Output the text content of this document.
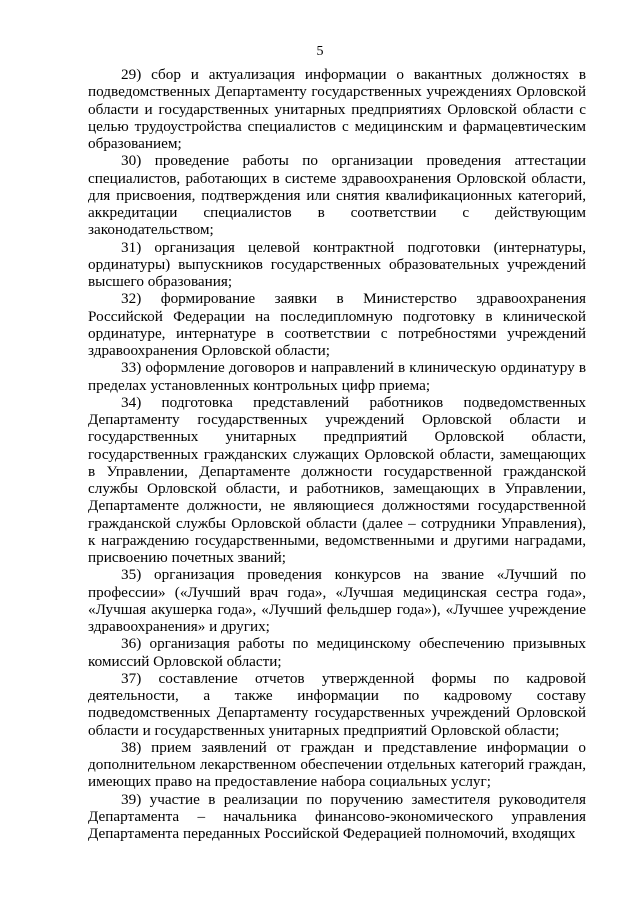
5

29) сбор и актуализация информации о вакантных должностях в подведомственных Департаменту государственных учреждениях Орловской области и государственных унитарных предприятиях Орловской области с целью трудоустройства специалистов с медицинским и фармацевтическим образованием;

30) проведение работы по организации проведения аттестации специалистов, работающих в системе здравоохранения Орловской области, для присвоения, подтверждения или снятия квалификационных категорий, аккредитации специалистов в соответствии с действующим законодательством;

31) организация целевой контрактной подготовки (интернатуры, ординатуры) выпускников государственных образовательных учреждений высшего образования;

32) формирование заявки в Министерство здравоохранения Российской Федерации на последипломную подготовку в клинической ординатуре, интернатуре в соответствии с потребностями учреждений здравоохранения Орловской области;

33) оформление договоров и направлений в клиническую ординатуру в пределах установленных контрольных цифр приема;

34) подготовка представлений работников подведомственных Департаменту государственных учреждений Орловской области и государственных унитарных предприятий Орловской области, государственных гражданских служащих Орловской области, замещающих в Управлении, Департаменте должности государственной гражданской службы Орловской области, и работников, замещающих в Управлении, Департаменте должности, не являющиеся должностями государственной гражданской службы Орловской области (далее – сотрудники Управления), к награждению государственными, ведомственными и другими наградами, присвоению почетных званий;

35) организация проведения конкурсов на звание «Лучший по профессии» («Лучший врач года», «Лучшая медицинская сестра года», «Лучшая акушерка года», «Лучший фельдшер года»), «Лучшее учреждение здравоохранения» и других;

36) организация работы по медицинскому обеспечению призывных комиссий Орловской области;

37) составление отчетов утвержденной формы по кадровой деятельности, а также информации по кадровому составу подведомственных Департаменту государственных учреждений Орловской области и государственных унитарных предприятий Орловской области;

38) прием заявлений от граждан и представление информации о дополнительном лекарственном обеспечении отдельных категорий граждан, имеющих право на предоставление набора социальных услуг;

39) участие в реализации по поручению заместителя руководителя Департамента – начальника финансово-экономического управления Департамента переданных Российской Федерацией полномочий, входящих
